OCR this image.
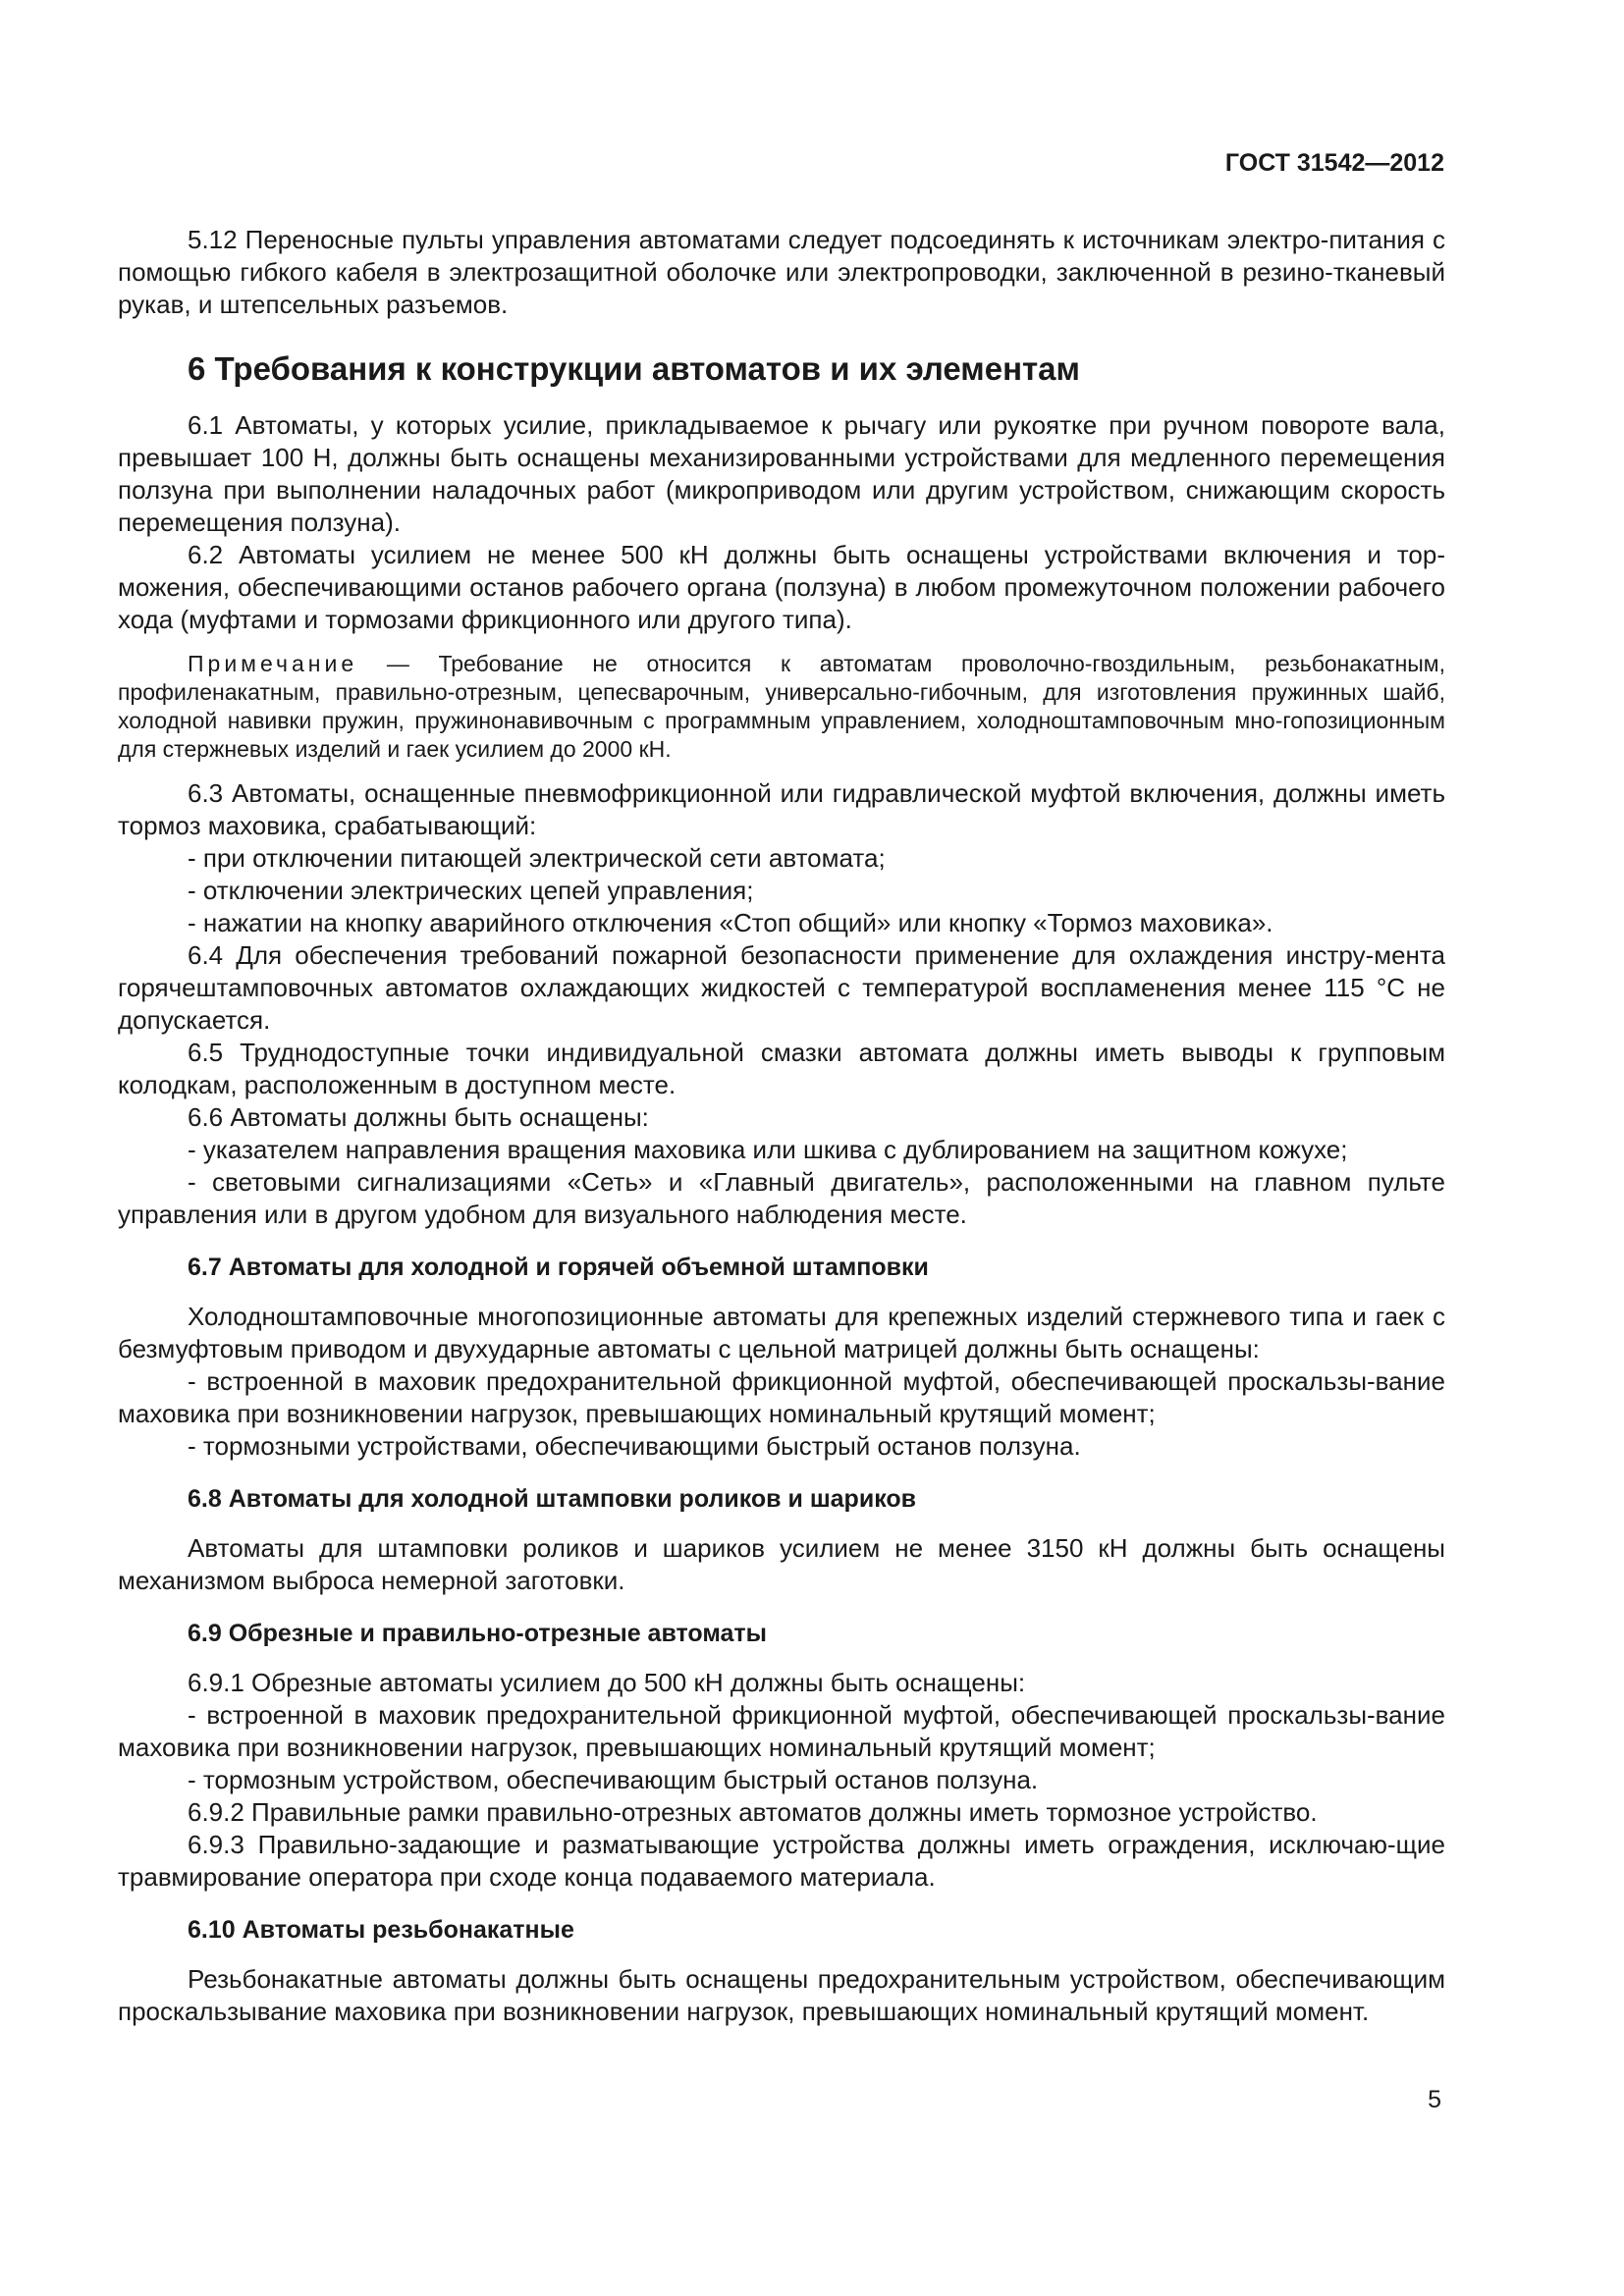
ГОСТ 31542—2012

5.12 Переносные пульты управления автоматами следует подсоединять к источникам электро-питания с помощью гибкого кабеля в электрозащитной оболочке или электропроводки, заключенной в резино-тканевый рукав, и штепсельных разъемов.

6 Требования к конструкции автоматов и их элементам

6.1 Автоматы, у которых усилие, прикладываемое к рычагу или рукоятке при ручном повороте вала, превышает 100 Н, должны быть оснащены механизированными устройствами для медленного перемещения ползуна при выполнении наладочных работ (микроприводом или другим устройством, снижающим скорость перемещения ползуна).

6.2 Автоматы усилием не менее 500 кН должны быть оснащены устройствами включения и тор-можения, обеспечивающими останов рабочего органа (ползуна) в любом промежуточном положении рабочего хода (муфтами и тормозами фрикционного или другого типа).

Примечание — Требование не относится к автоматам проволочно-гвоздильным, резьбонакатным, профиленакатным, правильно-отрезным, цепесварочным, универсально-гибочным, для изготовления пружинных шайб, холодной навивки пружин, пружинонавивочным с программным управлением, холодноштамповочным мно-гопозиционным для стержневых изделий и гаек усилием до 2000 кН.

6.3 Автоматы, оснащенные пневмофрикционной или гидравлической муфтой включения, должны иметь тормоз маховика, срабатывающий:

- при отключении питающей электрической сети автомата;

- отключении электрических цепей управления;

- нажатии на кнопку аварийного отключения «Стоп общий» или кнопку «Тормоз маховика».

6.4 Для обеспечения требований пожарной безопасности применение для охлаждения инстру-мента горячештамповочных автоматов охлаждающих жидкостей с температурой воспламенения менее 115 °С не допускается.

6.5 Труднодоступные точки индивидуальной смазки автомата должны иметь выводы к групповым колодкам, расположенным в доступном месте.

6.6 Автоматы должны быть оснащены:

- указателем направления вращения маховика или шкива с дублированием на защитном кожухе;

- световыми сигнализациями «Сеть» и «Главный двигатель», расположенными на главном пульте управления или в другом удобном для визуального наблюдения месте.

6.7 Автоматы для холодной и горячей объемной штамповки

Холодноштамповочные многопозиционные автоматы для крепежных изделий стержневого типа и гаек с безмуфтовым приводом и двухударные автоматы с цельной матрицей должны быть оснащены:

- встроенной в маховик предохранительной фрикционной муфтой, обеспечивающей проскальзы-вание маховика при возникновении нагрузок, превышающих номинальный крутящий момент;

- тормозными устройствами, обеспечивающими быстрый останов ползуна.

6.8 Автоматы для холодной штамповки роликов и шариков

Автоматы для штамповки роликов и шариков усилием не менее 3150 кН должны быть оснащены механизмом выброса немерной заготовки.

6.9 Обрезные и правильно-отрезные автоматы

6.9.1 Обрезные автоматы усилием до 500 кН должны быть оснащены:

- встроенной в маховик предохранительной фрикционной муфтой, обеспечивающей проскальзы-вание маховика при возникновении нагрузок, превышающих номинальный крутящий момент;

- тормозным устройством, обеспечивающим быстрый останов ползуна.

6.9.2 Правильные рамки правильно-отрезных автоматов должны иметь тормозное устройство.

6.9.3 Правильно-задающие и разматывающие устройства должны иметь ограждения, исключаю-щие травмирование оператора при сходе конца подаваемого материала.

6.10 Автоматы резьбонакатные

Резьбонакатные автоматы должны быть оснащены предохранительным устройством, обеспечивающим проскальзывание маховика при возникновении нагрузок, превышающих номинальный крутящий момент.

5
